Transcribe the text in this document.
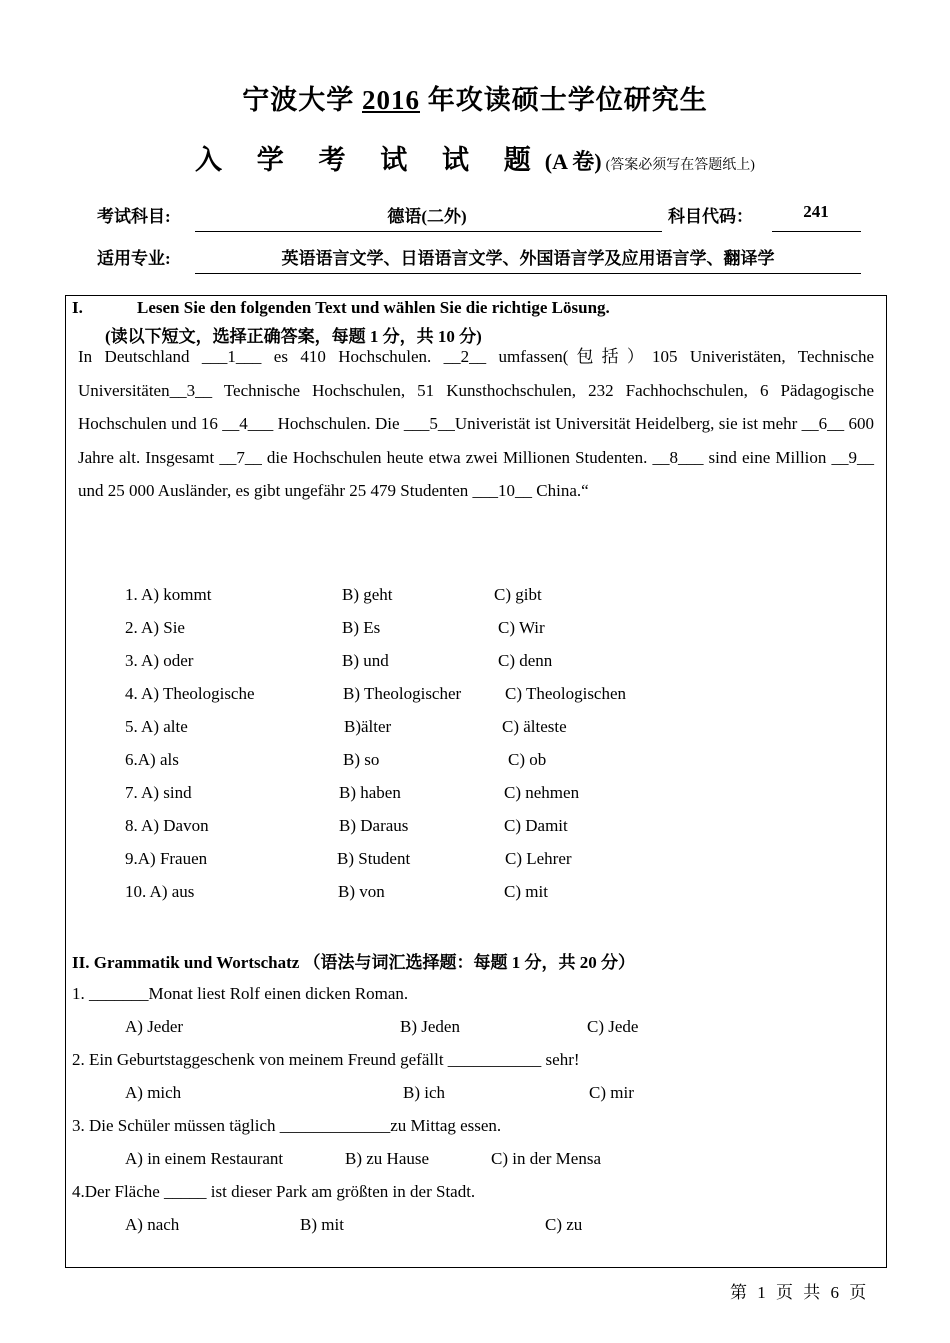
宁波大学 2016 年攻读硕士学位研究生
入 学 考 试 试 题(A 卷) (答案必须写在答题纸上)
考试科目:	德语(二外)	科目代码：	241
适用专业:	英语语言文学、日语语言文学、外国语言学及应用语言学、翻译学
I.	Lesen Sie den folgenden Text und wählen Sie die richtige Lösung.
(读以下短文，选择正确答案，每题 1 分，共 10 分)
In Deutschland ___1___ es 410 Hochschulen. __2__ umfassen(包括）105 Univeristäten, Technische Universitäten__3__ Technische Hochschulen, 51 Kunsthochschulen, 232 Fachhochschulen, 6 Pädagogische Hochschulen und 16 __4___ Hochschulen. Die ___5__Univeristät ist Universität Heidelberg, sie ist mehr __6__ 600 Jahre alt. Insgesamt __7__ die Hochschulen heute etwa zwei Millionen Studenten. __8___ sind eine Million __9__ und 25 000 Ausländer, es gibt ungefähr 25 479 Studenten ___10__ China.“
1. A) kommt	B) geht	C) gibt
2. A) Sie	B) Es	C) Wir
3. A) oder	B) und	C) denn
4. A) Theologische	B) Theologischer	C) Theologischen
5. A) alte	B)älter	C) älteste
6.A) als	B) so	C) ob
7. A) sind	B) haben	C) nehmen
8. A) Davon	B) Daraus	C) Damit
9.A) Frauen	B) Student	C) Lehrer
10. A) aus	B) von	C) mit
II. Grammatik und Wortschatz （语法与词汇选择题：每题 1 分，共 20 分）
1. _______Monat liest Rolf einen dicken Roman.
A) Jeder	B) Jeden	C) Jede
2. Ein Geburtstaggeschenk von meinem Freund gefällt ___________ sehr!
A) mich	B) ich	C) mir
3. Die Schüler müssen täglich _____________zu Mittag essen.
A) in einem Restaurant	B) zu Hause	C) in der Mensa
4.Der Fläche _____ ist dieser Park am größten in der Stadt.
A) nach	B) mit	C) zu
第 1 页 共 6 页
